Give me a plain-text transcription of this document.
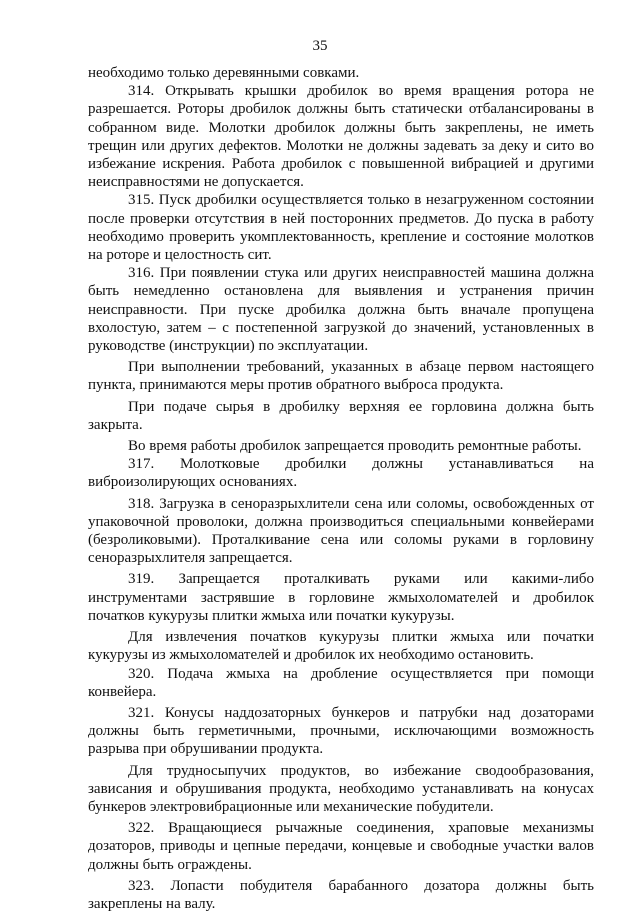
35

необходимо только деревянными совками.

314. Открывать крышки дробилок во время вращения ротора не разрешается. Роторы дробилок должны быть статически отбалансированы в собранном виде. Молотки дробилок должны быть закреплены, не иметь трещин или других дефектов. Молотки не должны задевать за деку и сито во избежание искрения. Работа дробилок с повышенной вибрацией и другими неисправностями не допускается.

315. Пуск дробилки осуществляется только в незагруженном состоянии после проверки отсутствия в ней посторонних предметов. До пуска в работу необходимо проверить укомплектованность, крепление и состояние молотков на роторе и целостность сит.

316. При появлении стука или других неисправностей машина должна быть немедленно остановлена для выявления и устранения причин неисправности. При пуске дробилка должна быть вначале пропущена вхолостую, затем – с постепенной загрузкой до значений, установленных в руководстве (инструкции) по эксплуатации.

При выполнении требований, указанных в абзаце первом настоящего пункта, принимаются меры против обратного выброса продукта.

При подаче сырья в дробилку верхняя ее горловина должна быть закрыта.

Во время работы дробилок запрещается проводить ремонтные работы.

317. Молотковые дробилки должны устанавливаться на виброизолирующих основаниях.

318. Загрузка в сеноразрыхлители сена или соломы, освобожденных от упаковочной проволоки, должна производиться специальными конвейерами (безроликовыми). Проталкивание сена или соломы руками в горловину сеноразрыхлителя запрещается.

319. Запрещается проталкивать руками или какими-либо инструментами застрявшие в горловине жмыхоломателей и дробилок початков кукурузы плитки жмыха или початки кукурузы.

Для извлечения початков кукурузы плитки жмыха или початки кукурузы из жмыхоломателей и дробилок их необходимо остановить.

320. Подача жмыха на дробление осуществляется при помощи конвейера.

321. Конусы наддозаторных бункеров и патрубки над дозаторами должны быть герметичными, прочными, исключающими возможность разрыва при обрушивании продукта.

Для трудносыпучих продуктов, во избежание сводообразования, зависания и обрушивания продукта, необходимо устанавливать на конусах бункеров электровибрационные или механические побудители.

322. Вращающиеся рычажные соединения, храповые механизмы дозаторов, приводы и цепные передачи, концевые и свободные участки валов должны быть ограждены.

323. Лопасти побудителя барабанного дозатора должны быть закреплены на валу.
